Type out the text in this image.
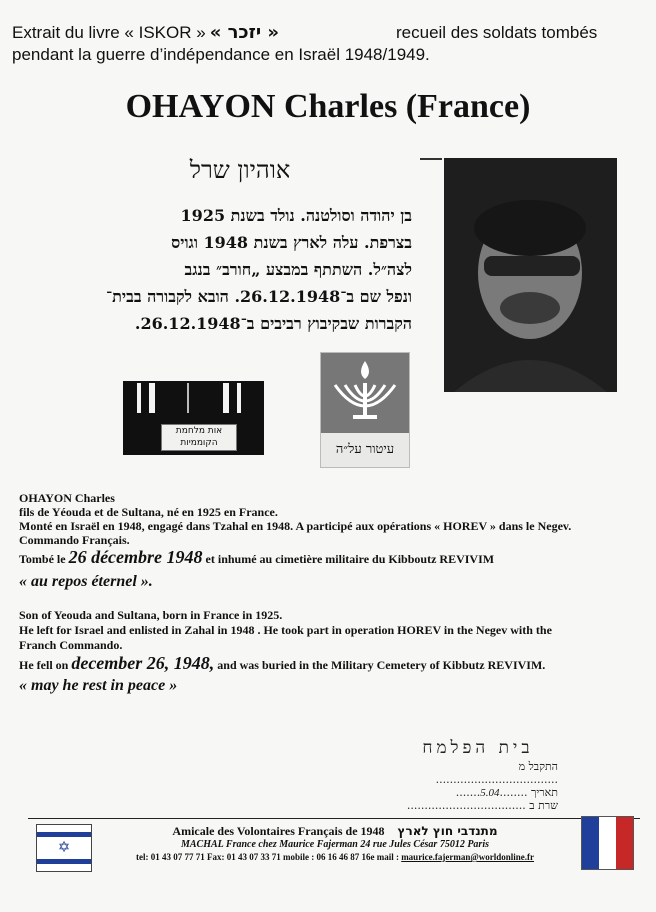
Extrait du livre « ISKOR » « יזכר »	recueil des soldats tombés
pendant la guerre d’indépendance en Israël 1948/1949.
OHAYON Charles (France)
אוהיון שרל
בן יהודה וסולטנה. נולד בשנת 1925
בצרפת. עלה לארץ בשנת 1948 וגויס
לצה״ל. השתתף במבצע „חורב״ בנגב
ונפל שם ב־26.12.1948. הובא לקבורה בבית־
הקברות שבקיבוץ רביבים ב־26.12.1948.
אות מלחמת הקוממיות	עיטור על״ה
OHAYON Charles
fils de Yéouda et de Sultana, né en 1925 en France.
Monté en Israël en 1948, engagé dans Tzahal en 1948. A participé aux opérations « HOREV » dans le Negev.
Commando Français.
Tombé le 26 décembre 1948 et inhumé au cimetière militaire du Kibboutz REVIVIM
« au repos éternel ».
Son of Yeouda and Sultana, born in France in 1925.
He left for Israel and enlisted in Zahal in 1948 . He took part in operation HOREV in the Negev with the
Franch Commando.
He fell on december 26, 1948, and was buried in the Military Cemetery of Kibbutz REVIVIM.
« may he rest in peace »
בית הפלמח
התקבל מ ...................................
תאריך ........5.04.......
שרת ב ..................................
✡
Amicale des Volontaires Français de 1948 מתנדבי חוץ לארץ
MACHAL France chez Maurice Fajerman 24 rue Jules César 75012 Paris
tel: 01 43 07 77 71 Fax: 01 43 07 33 71 mobile : 06 16 46 87 16e mail : maurice.fajerman@worldonline.fr
